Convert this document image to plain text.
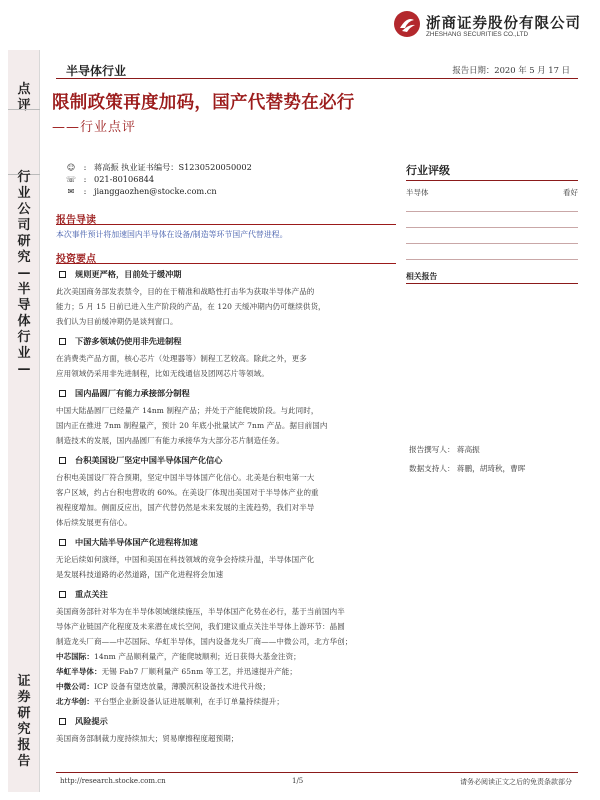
浙商证券股份有限公司
ZHESHANG SECURITIES CO.,LTD
点评
行业公司研究—半导体行业—
证券研究报告
半导体行业	报告日期：2020 年 5 月 17 日
限制政策再度加码，国产代替势在必行
——行业点评
☺	: 蒋高振 执业证书编号：S1230520050002
☏ : 021-80106844
✉	: jianggaozhen@stocke.com.cn
报告导读
本次事件预计将加速国内半导体在设备/制造等环节国产代替进程。
投资要点
规则更严格，目前处于缓冲期

此次美国商务部发表禁令，目的在于精准和战略性打击华为获取半导体产品的

能力；5 月 15 日前已进入生产阶段的产品，在 120 天缓冲期内仍可继续供货，

我们认为目前缓冲期仍是谈判窗口。

下游多领域仍使用非先进制程

在消费类产品方面，核心芯片（处理器等）制程工艺较高。除此之外，更多

应用领域仍采用非先进制程，比如无线通信及团网芯片等领域。

国内晶圆厂有能力承接部分制程

中国大陆晶圆厂已经量产 14nm 制程产品；并处于产能爬坡阶段。与此同时，

国内正在推进 7nm 制程量产，预计 20 年底小批量试产 7nm 产品。据目前国内

制造技术的发展，国内晶圆厂有能力承接华为大部分芯片制造任务。

台积美国设厂坚定中国半导体国产化信心

台积电美国设厂符合预期，坚定中国半导体国产化信心。北美是台积电第一大

客户区域，约占台积电营收的 60%。在美设厂体现出美国对于半导体产业的重

视程度增加。侧面反应出，国产代替仍然是未来发展的主流趋势，我们对半导

体后续发展更有信心。

中国大陆半导体国产化进程将加速

无论后续如何演绎，中国和美国在科技领域的竞争会持续升温，半导体国产化

是发展科技道路的必然道路，国产化进程将会加速

重点关注

美国商务部针对华为在半导体领域继续施压，半导体国产化势在必行，基于当前国内半

导体产业链国产化程度及未来潜在成长空间，我们建议重点关注半导体上游环节：晶圆

制造龙头厂商——中芯国际、华虹半导体，国内设备龙头厂商——中微公司，北方华创；

中芯国际：14nm 产品顺利量产，产能爬坡顺利；近日获得大基金注资；

华虹半导体：无锡 Fab7 厂顺利量产 65nm 等工艺，并迅速提升产能；

中微公司：ICP 设备有望迭放量，薄膜沉积设备技术进代升级；

北方华创：平台型企业新设备认证进展顺利，在手订单量持续提升；

风险提示

美国商务部制裁力度持续加大；贸易摩擦程度超预期；

行业评级
半导体	看好
相关报告
报告撰写人： 蒋高振
数据支持人： 蒋鹏，胡琦秋，曹晖
http://research.stocke.com.cn	1/5	请务必阅读正文之后的免责条款部分
